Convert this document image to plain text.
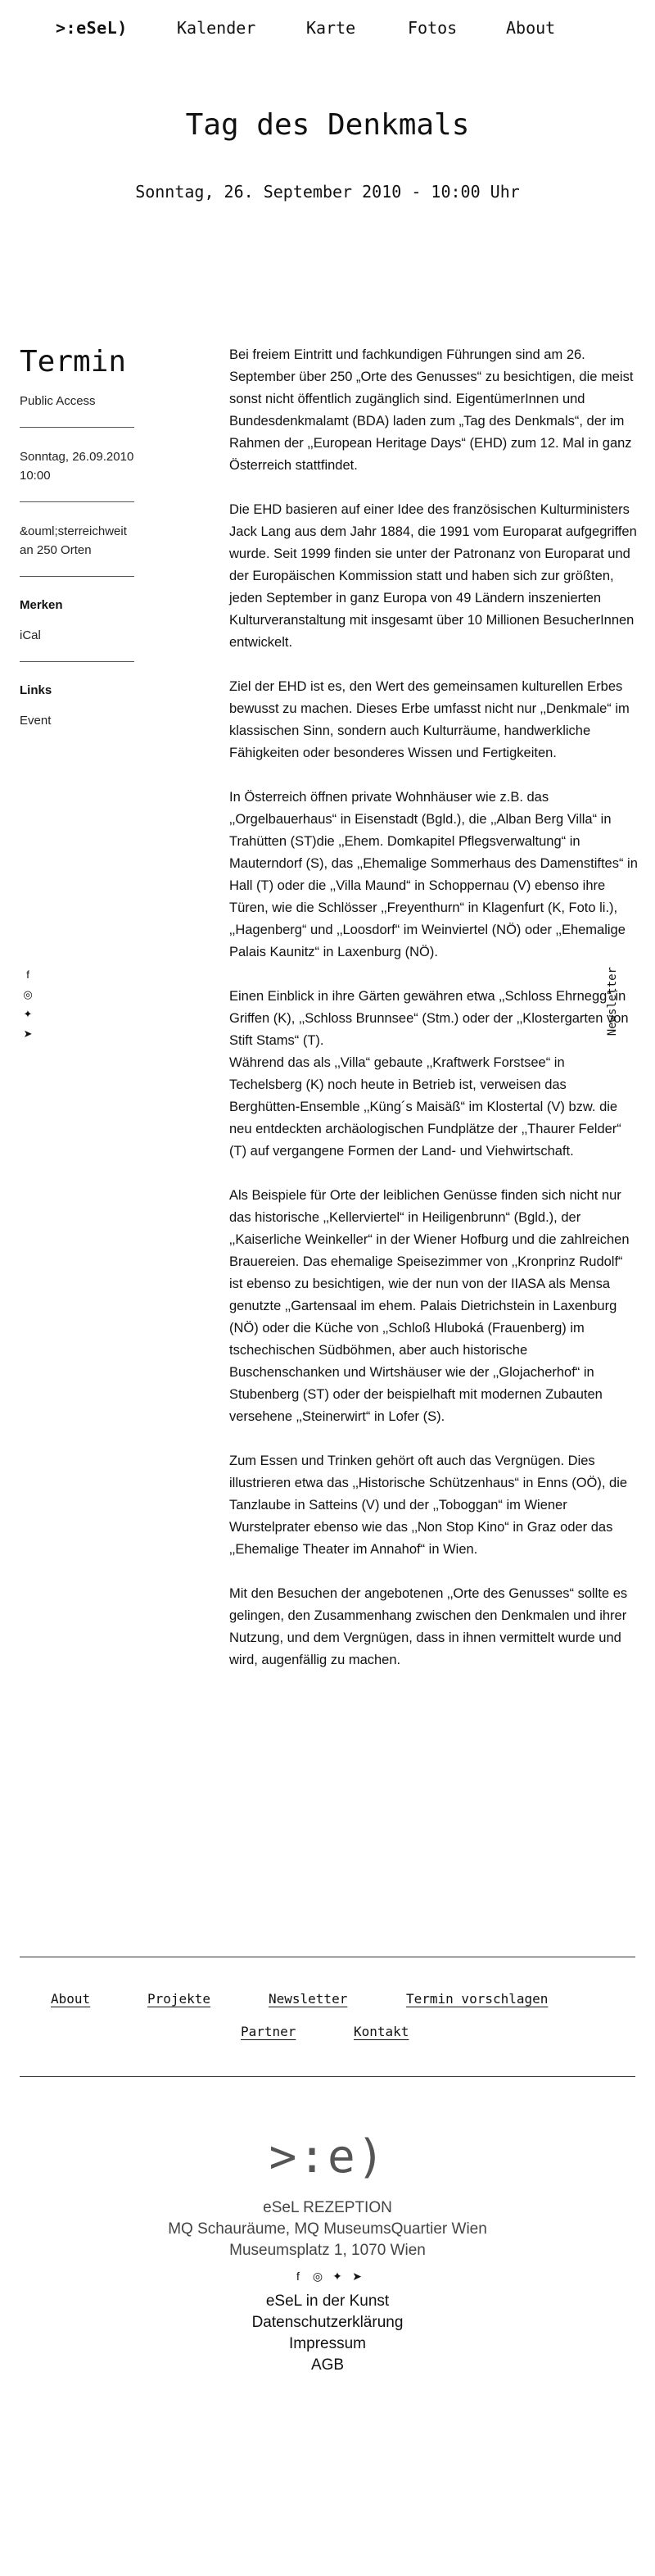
>:eSeL)	Kalender	Karte	Fotos	About
Tag des Denkmals
Sonntag, 26. September 2010 - 10:00 Uhr
Termin
Public Access
Sonntag, 26.09.2010 10:00
&ouml;sterreichweit an 250 Orten
Merken
iCal
Links
Event
f
◎
✦
➤	Newsletter

Bei freiem Eintritt und fachkundigen Führungen sind am 26. September über 250 „Orte des Genusses“ zu besichtigen, die meist sonst nicht öffentlich zugänglich sind. EigentümerInnen und Bundesdenkmalamt (BDA) laden zum „Tag des Denkmals“, der im Rahmen der ‚‚European Heritage Days“ (EHD) zum 12. Mal in ganz Österreich stattfindet.

Die EHD basieren auf einer Idee des französischen Kulturministers Jack Lang aus dem Jahr 1884, die 1991 vom Europarat aufgegriffen wurde. Seit 1999 finden sie unter der Patronanz von Europarat und der Europäischen Kommission statt und haben sich zur größten, jeden September in ganz Europa von 49 Ländern inszenierten Kulturveranstaltung mit insgesamt über 10 Millionen BesucherInnen entwickelt.

Ziel der EHD ist es, den Wert des gemeinsamen kulturellen Erbes bewusst zu machen. Dieses Erbe umfasst nicht nur ‚‚Denkmale“ im klassischen Sinn, sondern auch Kulturräume, handwerkliche Fähigkeiten oder besonderes Wissen und Fertigkeiten.

In Österreich öffnen private Wohnhäuser wie z.B. das ‚‚Orgelbauerhaus“ in Eisenstadt (Bgld.), die ‚‚Alban Berg Villa“ in Trahütten (ST)die ‚‚Ehem. Domkapitel Pflegsverwaltung“ in Mauterndorf (S), das ‚‚Ehemalige Sommerhaus des Damenstiftes“ in Hall (T) oder die ‚‚Villa Maund“ in Schoppernau (V) ebenso ihre Türen, wie die Schlösser ‚‚Freyenthurn“ in Klagenfurt (K, Foto li.), ‚‚Hagenberg“ und ‚‚Loosdorf“ im Weinviertel (NÖ) oder ‚‚Ehemalige Palais Kaunitz“ in Laxenburg (NÖ).

Einen Einblick in ihre Gärten gewähren etwa ‚‚Schloss Ehrnegg“ in Griffen (K), ‚‚Schloss Brunnsee“ (Stm.) oder der ‚‚Klostergarten von Stift Stams“ (T).
Während das als ‚‚Villa“ gebaute ‚‚Kraftwerk Forstsee“ in Techelsberg (K) noch heute in Betrieb ist, verweisen das Berghütten-Ensemble ‚‚Küng´s Maisäß“ im Klostertal (V) bzw. die neu entdeckten archäologischen Fundplätze der ‚‚Thaurer Felder“ (T) auf vergangene Formen der Land- und Viehwirtschaft.

Als Beispiele für Orte der leiblichen Genüsse finden sich nicht nur das historische ‚‚Kellerviertel“ in Heiligenbrunn“ (Bgld.), der ‚‚Kaiserliche Weinkeller“ in der Wiener Hofburg und die zahlreichen Brauereien. Das ehemalige Speisezimmer von ‚‚Kronprinz Rudolf“ ist ebenso zu besichtigen, wie der nun von der IIASA als Mensa genutzte ‚‚Gartensaal im ehem. Palais Dietrichstein in Laxenburg (NÖ) oder die Küche von ‚‚Schloß Hluboká (Frauenberg) im tschechischen Südböhmen, aber auch historische Buschenschanken und Wirtshäuser wie der ‚‚Glojacherhof“ in Stubenberg (ST) oder der beispielhaft mit modernen Zubauten versehene ‚‚Steinerwirt“ in Lofer (S).

Zum Essen und Trinken gehört oft auch das Vergnügen. Dies illustrieren etwa das ‚‚Historische Schützenhaus“ in Enns (OÖ), die Tanzlaube in Satteins (V) und der ‚‚Toboggan“ im Wiener Wurstelprater ebenso wie das ‚‚Non Stop Kino“ in Graz oder das ‚‚Ehemalige Theater im Annahof“ in Wien.

Mit den Besuchen der angebotenen ‚‚Orte des Genusses“ sollte es gelingen, den Zusammenhang zwischen den Denkmalen und ihrer Nutzung, und dem Vergnügen, dass in ihnen vermittelt wurde und wird, augenfällig zu machen.

About	Projekte	Newsletter	Termin vorschlagen
Partner	Kontakt
>:e)
eSeL REZEPTION
MQ Schauräume, MQ MuseumsQuartier Wien
Museumsplatz 1, 1070 Wien
f ◎ ✦ ➤
eSeL in der Kunst
Datenschutzerklärung
Impressum
AGB
